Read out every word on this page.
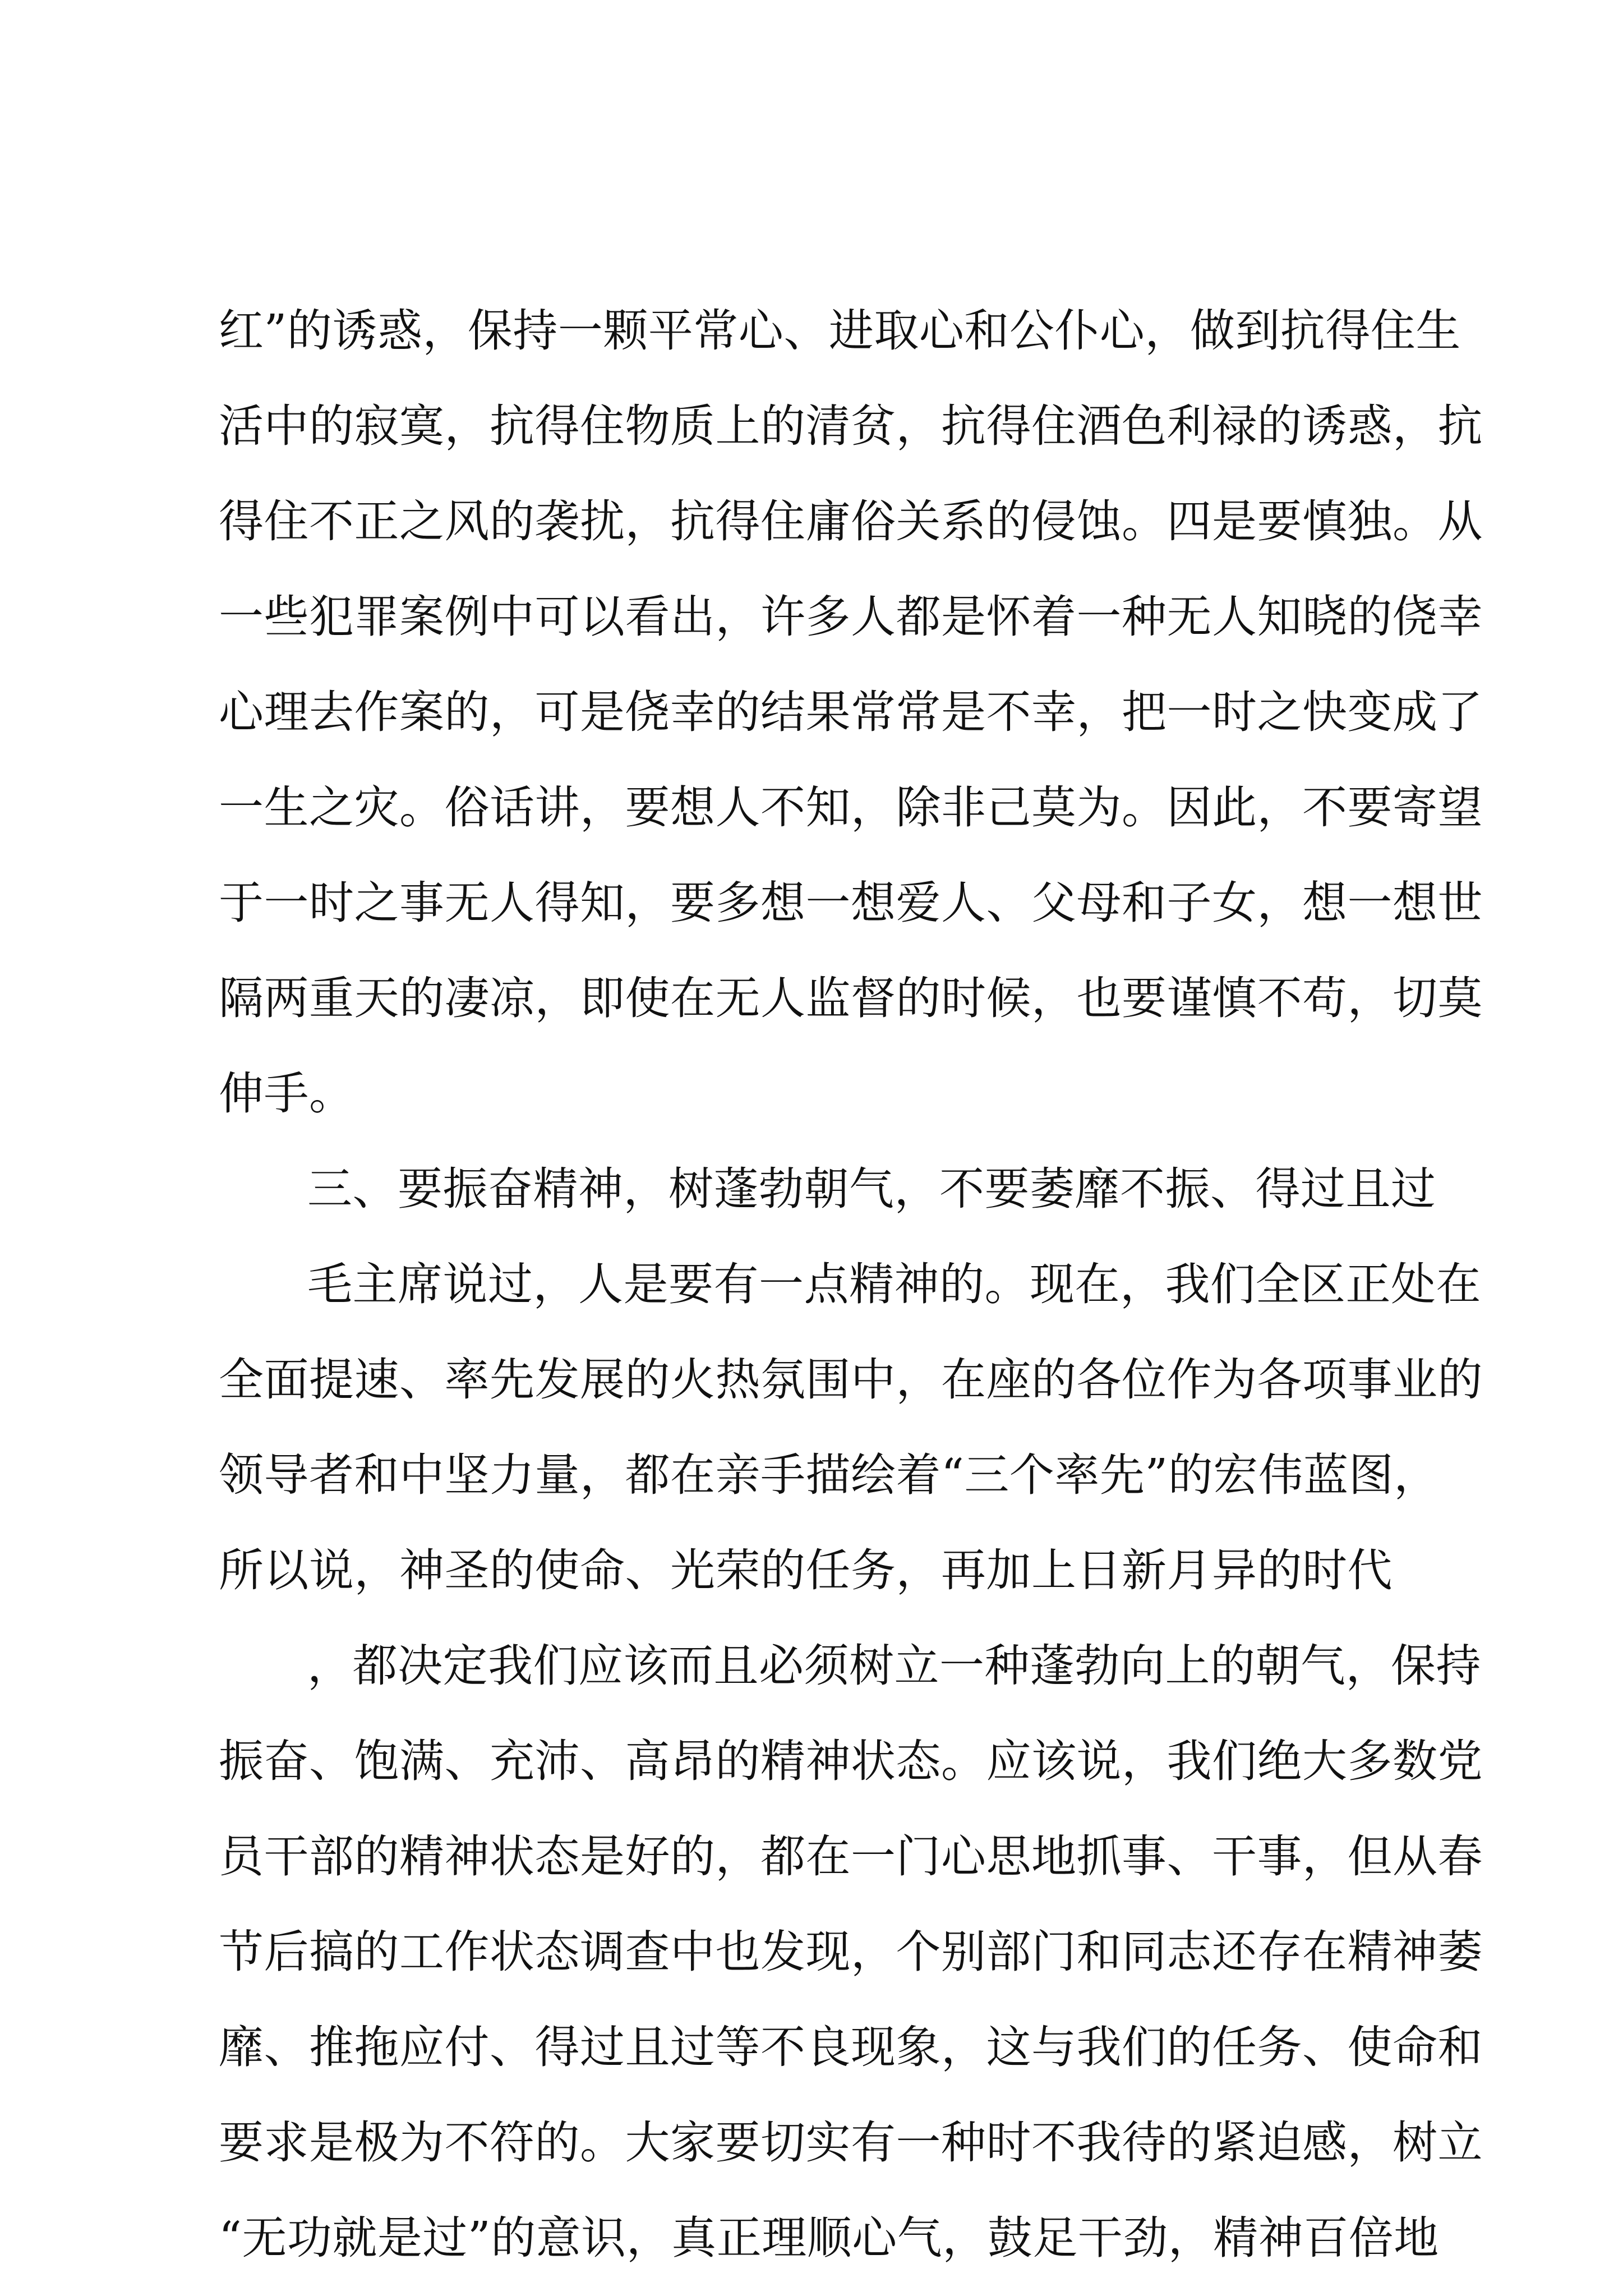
红”的诱惑，保持一颗平常心、进取心和公仆心，做到抗得住生
活中的寂寞，抗得住物质上的清贫，抗得住酒色利禄的诱惑，抗
得住不正之风的袭扰，抗得住庸俗关系的侵蚀。四是要慎独。从
一些犯罪案例中可以看出，许多人都是怀着一种无人知晓的侥幸
心理去作案的，可是侥幸的结果常常是不幸，把一时之快变成了
一生之灾。俗话讲，要想人不知，除非己莫为。因此，不要寄望
于一时之事无人得知，要多想一想爱人、父母和子女，想一想世
隔两重天的凄凉，即使在无人监督的时候，也要谨慎不苟，切莫
伸手。
三、要振奋精神，树蓬勃朝气，不要萎靡不振、得过且过
毛主席说过，人是要有一点精神的。现在，我们全区正处在
全面提速、率先发展的火热氛围中，在座的各位作为各项事业的
领导者和中坚力量，都在亲手描绘着“三个率先”的宏伟蓝图，
所以说，神圣的使命、光荣的任务，再加上日新月异的时代
，都决定我们应该而且必须树立一种蓬勃向上的朝气，保持
振奋、饱满、充沛、高昂的精神状态。应该说，我们绝大多数党
员干部的精神状态是好的，都在一门心思地抓事、干事，但从春
节后搞的工作状态调查中也发现，个别部门和同志还存在精神萎
靡、推拖应付、得过且过等不良现象，这与我们的任务、使命和
要求是极为不符的。大家要切实有一种时不我待的紧迫感，树立
“无功就是过”的意识，真正理顺心气，鼓足干劲，精神百倍地
